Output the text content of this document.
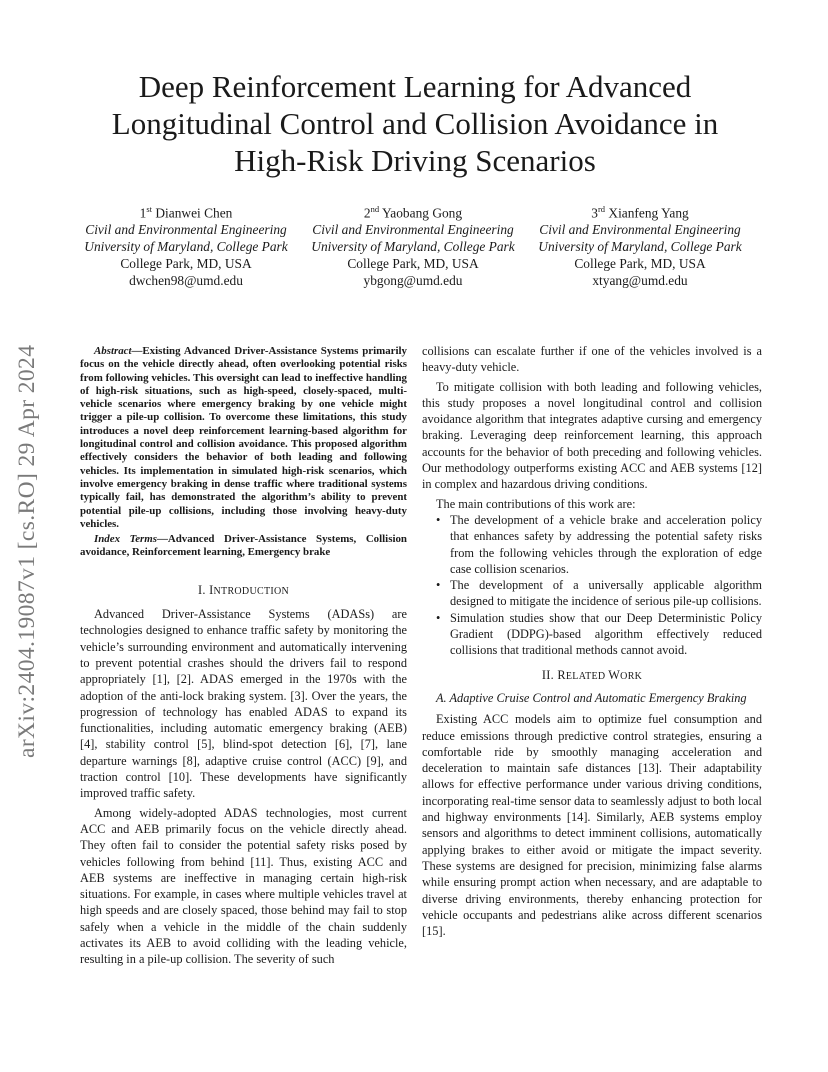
arXiv:2404.19087v1 [cs.RO] 29 Apr 2024
Deep Reinforcement Learning for Advanced
Longitudinal Control and Collision Avoidance in
High-Risk Driving Scenarios
1st Dianwei Chen
Civil and Environmental Engineering
University of Maryland, College Park
College Park, MD, USA
dwchen98@umd.edu
2nd Yaobang Gong
Civil and Environmental Engineering
University of Maryland, College Park
College Park, MD, USA
ybgong@umd.edu
3rd Xianfeng Yang
Civil and Environmental Engineering
University of Maryland, College Park
College Park, MD, USA
xtyang@umd.edu

Abstract—Existing Advanced Driver-Assistance Systems primarily focus on the vehicle directly ahead, often overlooking potential risks from following vehicles. This oversight can lead to ineffective handling of high-risk situations, such as high-speed, closely-spaced, multi-vehicle scenarios where emergency braking by one vehicle might trigger a pile-up collision. To overcome these limitations, this study introduces a novel deep reinforcement learning-based algorithm for longitudinal control and collision avoidance. This proposed algorithm effectively considers the behavior of both leading and following vehicles. Its implementation in simulated high-risk scenarios, which involve emergency braking in dense traffic where traditional systems typically fail, has demonstrated the algorithm’s ability to prevent potential pile-up collisions, including those involving heavy-duty vehicles.

Index Terms—Advanced Driver-Assistance Systems, Collision avoidance, Reinforcement learning, Emergency brake

I. INTRODUCTION

Advanced Driver-Assistance Systems (ADASs) are technologies designed to enhance traffic safety by monitoring the vehicle’s surrounding environment and automatically intervening to prevent potential crashes should the drivers fail to respond appropriately [1], [2]. ADAS emerged in the 1970s with the adoption of the anti-lock braking system. [3]. Over the years, the progression of technology has enabled ADAS to expand its functionalities, including automatic emergency braking (AEB) [4], stability control [5], blind-spot detection [6], [7], lane departure warnings [8], adaptive cruise control (ACC) [9], and traction control [10]. These developments have significantly improved traffic safety.

Among widely-adopted ADAS technologies, most current ACC and AEB primarily focus on the vehicle directly ahead. They often fail to consider the potential safety risks posed by vehicles following from behind [11]. Thus, existing ACC and AEB systems are ineffective in managing certain high-risk situations. For example, in cases where multiple vehicles travel at high speeds and are closely spaced, those behind may fail to stop safely when a vehicle in the middle of the chain suddenly activates its AEB to avoid colliding with the leading vehicle, resulting in a pile-up collision. The severity of such

collisions can escalate further if one of the vehicles involved is a heavy-duty vehicle.

To mitigate collision with both leading and following vehicles, this study proposes a novel longitudinal control and collision avoidance algorithm that integrates adaptive cursing and emergency braking. Leveraging deep reinforcement learning, this approach accounts for the behavior of both preceding and following vehicles. Our methodology outperforms existing ACC and AEB systems [12] in complex and hazardous driving conditions.

The main contributions of this work are:

• The development of a vehicle brake and acceleration policy that enhances safety by addressing the potential safety risks from the following vehicles through the exploration of edge case collision scenarios.
• The development of a universally applicable algorithm designed to mitigate the incidence of serious pile-up collisions.
• Simulation studies show that our Deep Deterministic Policy Gradient (DDPG)-based algorithm effectively reduced collisions that traditional methods cannot avoid.

II. RELATED WORK

A. Adaptive Cruise Control and Automatic Emergency Braking

Existing ACC models aim to optimize fuel consumption and reduce emissions through predictive control strategies, ensuring a comfortable ride by smoothly managing acceleration and deceleration to maintain safe distances [13]. Their adaptability allows for effective performance under various driving conditions, incorporating real-time sensor data to seamlessly adjust to both local and highway environments [14]. Similarly, AEB systems employ sensors and algorithms to detect imminent collisions, automatically applying brakes to either avoid or mitigate the impact severity. These systems are designed for precision, minimizing false alarms while ensuring prompt action when necessary, and are adaptable to diverse driving environments, thereby enhancing protection for vehicle occupants and pedestrians alike across different scenarios [15].
